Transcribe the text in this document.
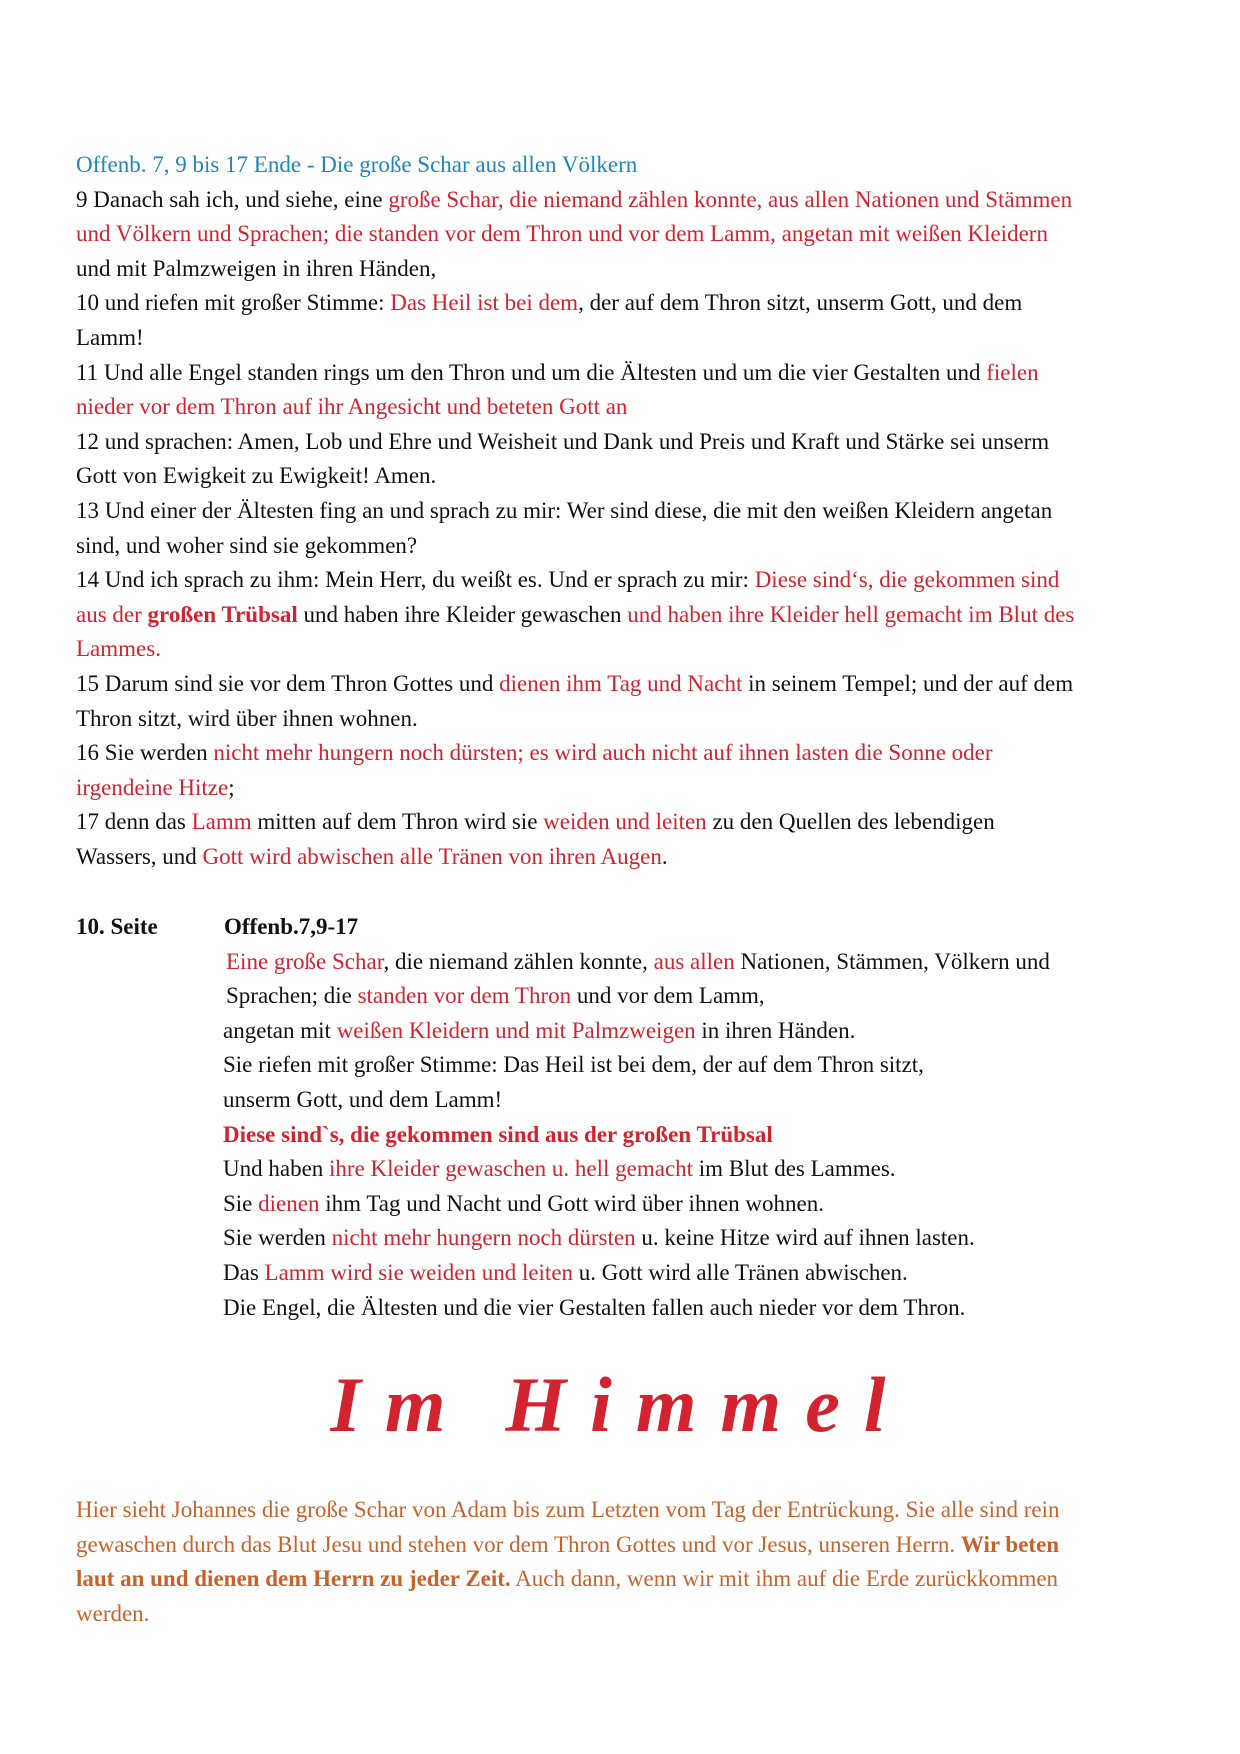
Offenb. 7, 9 bis 17 Ende - Die große Schar aus allen Völkern
9 Danach sah ich, und siehe, eine große Schar, die niemand zählen konnte, aus allen Nationen und Stämmen
und Völkern und Sprachen; die standen vor dem Thron und vor dem Lamm, angetan mit weißen Kleidern
und mit Palmzweigen in ihren Händen,
10 und riefen mit großer Stimme: Das Heil ist bei dem, der auf dem Thron sitzt, unserm Gott, und dem
Lamm!
11 Und alle Engel standen rings um den Thron und um die Ältesten und um die vier Gestalten und fielen
nieder vor dem Thron auf ihr Angesicht und beteten Gott an
12 und sprachen: Amen, Lob und Ehre und Weisheit und Dank und Preis und Kraft und Stärke sei unserm
Gott von Ewigkeit zu Ewigkeit! Amen.
13 Und einer der Ältesten fing an und sprach zu mir: Wer sind diese, die mit den weißen Kleidern angetan
sind, und woher sind sie gekommen?
14 Und ich sprach zu ihm: Mein Herr, du weißt es. Und er sprach zu mir: Diese sind‘s, die gekommen sind
aus der großen Trübsal und haben ihre Kleider gewaschen und haben ihre Kleider hell gemacht im Blut des
Lammes.
15 Darum sind sie vor dem Thron Gottes und dienen ihm Tag und Nacht in seinem Tempel; und der auf dem
Thron sitzt, wird über ihnen wohnen.
16 Sie werden nicht mehr hungern noch dürsten; es wird auch nicht auf ihnen lasten die Sonne oder
irgendeine Hitze;
17 denn das Lamm mitten auf dem Thron wird sie weiden und leiten zu den Quellen des lebendigen
Wassers, und Gott wird abwischen alle Tränen von ihren Augen.
10. Seite	Offenb.7,9-17
Eine große Schar, die niemand zählen konnte, aus allen Nationen, Stämmen, Völkern und
Sprachen; die standen vor dem Thron und vor dem Lamm,
angetan mit weißen Kleidern und mit Palmzweigen in ihren Händen.
Sie riefen mit großer Stimme: Das Heil ist bei dem, der auf dem Thron sitzt,
unserm Gott, und dem Lamm!
Diese sind`s, die gekommen sind aus der großen Trübsal
Und haben ihre Kleider gewaschen u. hell gemacht im Blut des Lammes.
Sie dienen ihm Tag und Nacht und Gott wird über ihnen wohnen.
Sie werden nicht mehr hungern noch dürsten u. keine Hitze wird auf ihnen lasten.
Das Lamm wird sie weiden und leiten u. Gott wird alle Tränen abwischen.
Die Engel, die Ältesten und die vier Gestalten fallen auch nieder vor dem Thron.
Im Himmel
Hier sieht Johannes die große Schar von Adam bis zum Letzten vom Tag der Entrückung. Sie alle sind rein
gewaschen durch das Blut Jesu und stehen vor dem Thron Gottes und vor Jesus, unseren Herrn. Wir beten
laut an und dienen dem Herrn zu jeder Zeit. Auch dann, wenn wir mit ihm auf die Erde zurückkommen
werden.
